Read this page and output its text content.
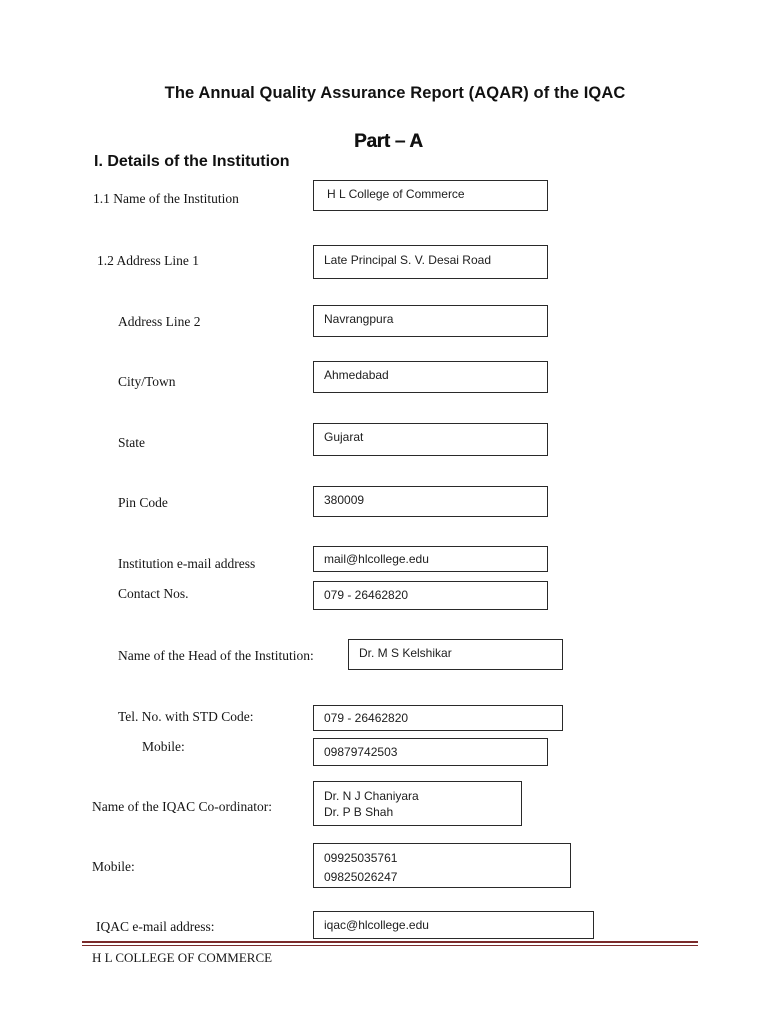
The Annual Quality Assurance Report (AQAR) of the IQAC
Part – A
I. Details of the Institution
1.1 Name of the Institution	H L College of Commerce
1.2 Address Line 1	Late Principal S. V. Desai Road
Address Line 2	Navrangpura
City/Town	Ahmedabad
State	Gujarat
Pin Code	380009
Institution e-mail address	mail@hlcollege.edu
Contact Nos.	079 - 26462820
Name of the Head of the Institution:	Dr. M S Kelshikar
Tel. No. with STD Code:	079 - 26462820
Mobile:	09879742503
Name of the IQAC Co-ordinator:
Dr. N J Chaniyara
Dr. P B Shah
Mobile:
09925035761
09825026247
IQAC e-mail address:	iqac@hlcollege.edu
H L COLLEGE OF COMMERCE
